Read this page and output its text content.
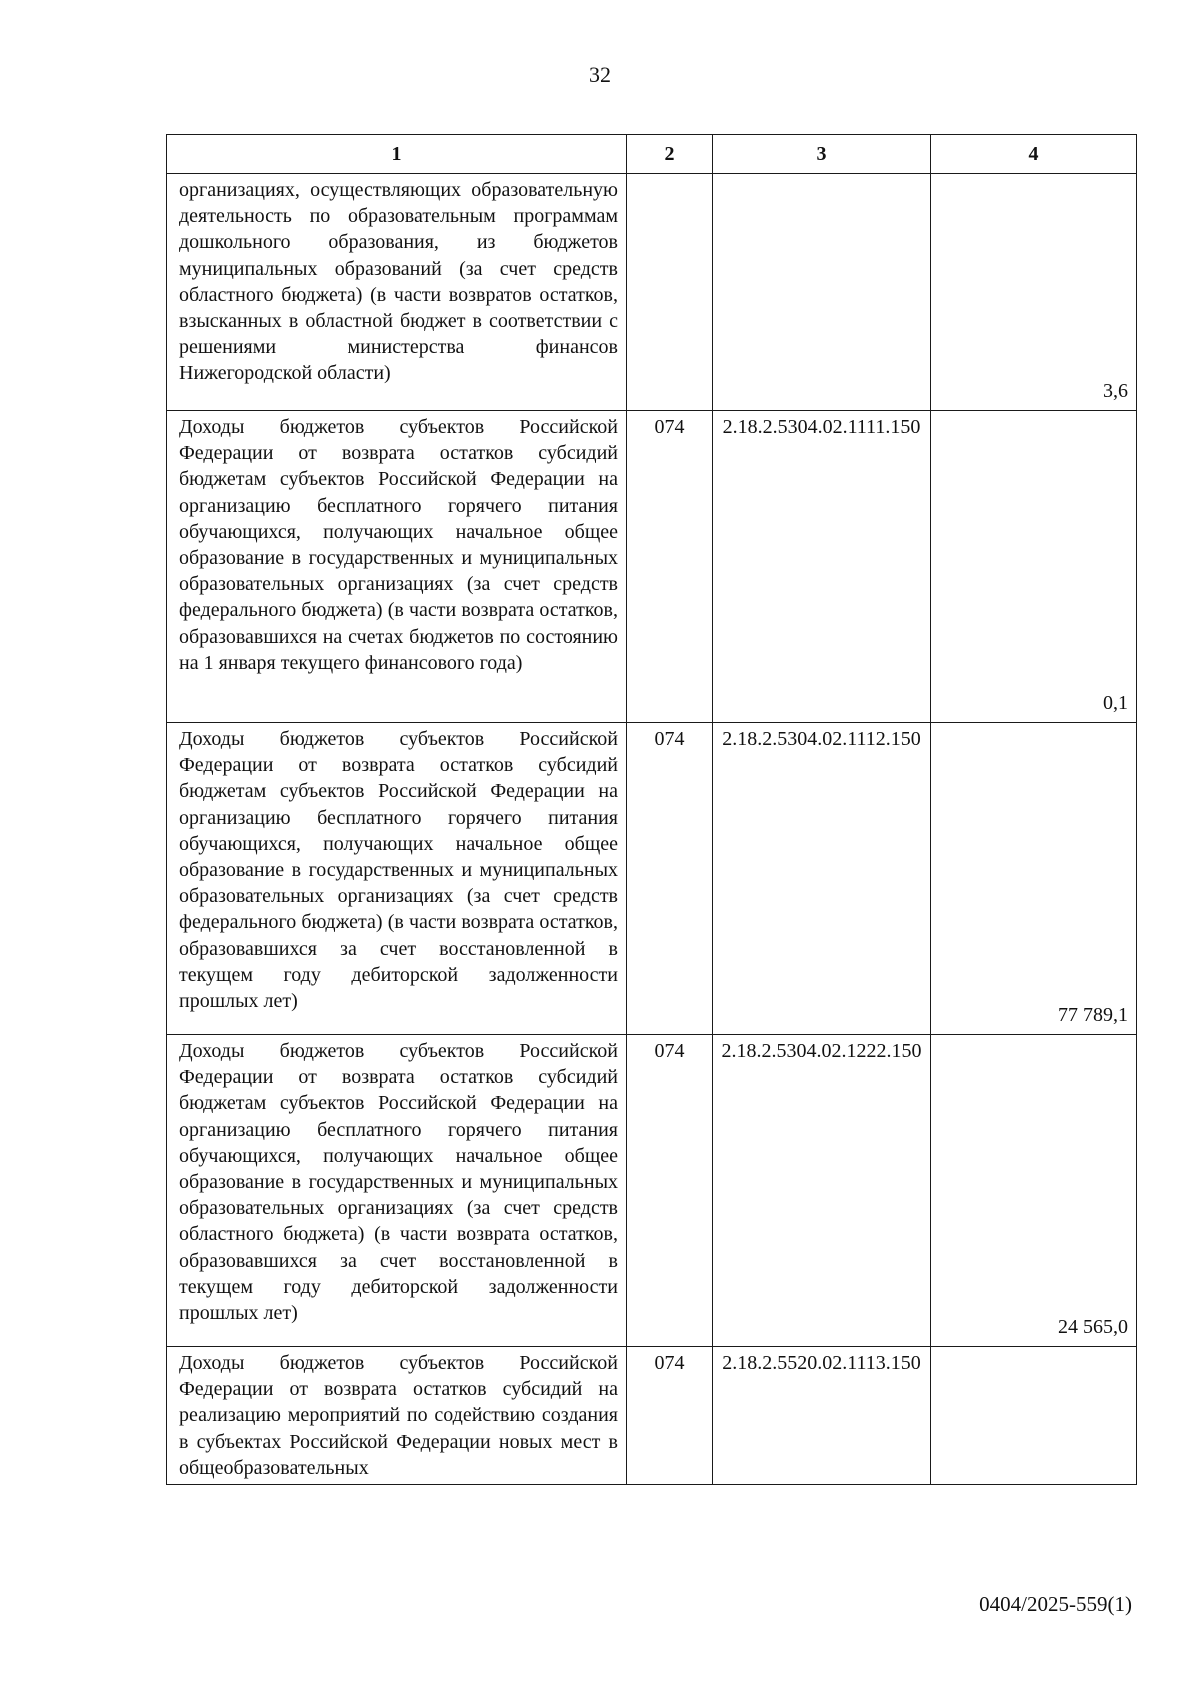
32
1	2	3	4
организациях, осуществляющих образовательную деятельность по образовательным программам дошкольного образования, из бюджетов муниципальных образований (за счет средств областного бюджета) (в части возвратов остатков, взысканных в областной бюджет в соответствии с решениями министерства финансов Нижегородской области)			3,6
Доходы бюджетов субъектов Российской Федерации от возврата остатков субсидий бюджетам субъектов Российской Федерации на организацию бесплатного горячего питания обучающихся, получающих начальное общее образование в государственных и муниципальных образовательных организациях (за счет средств федерального бюджета) (в части возврата остатков, образовавшихся на счетах бюджетов по состоянию на 1 января текущего финансового года)	074	2.18.2.5304.02.1111.150	0,1
Доходы бюджетов субъектов Российской Федерации от возврата остатков субсидий бюджетам субъектов Российской Федерации на организацию бесплатного горячего питания обучающихся, получающих начальное общее образование в государственных и муниципальных образовательных организациях (за счет средств федерального бюджета) (в части возврата остатков, образовавшихся за счет восстановленной в текущем году дебиторской задолженности прошлых лет)	074	2.18.2.5304.02.1112.150	77 789,1
Доходы бюджетов субъектов Российской Федерации от возврата остатков субсидий бюджетам субъектов Российской Федерации на организацию бесплатного горячего питания обучающихся, получающих начальное общее образование в государственных и муниципальных образовательных организациях (за счет средств областного бюджета) (в части возврата остатков, образовавшихся за счет восстановленной в текущем году дебиторской задолженности прошлых лет)	074	2.18.2.5304.02.1222.150	24 565,0
Доходы бюджетов субъектов Российской Федерации от возврата остатков субсидий на реализацию мероприятий по содействию создания в субъектах Российской Федерации новых мест в общеобразовательных	074	2.18.2.5520.02.1113.150	
0404/2025-559(1)
